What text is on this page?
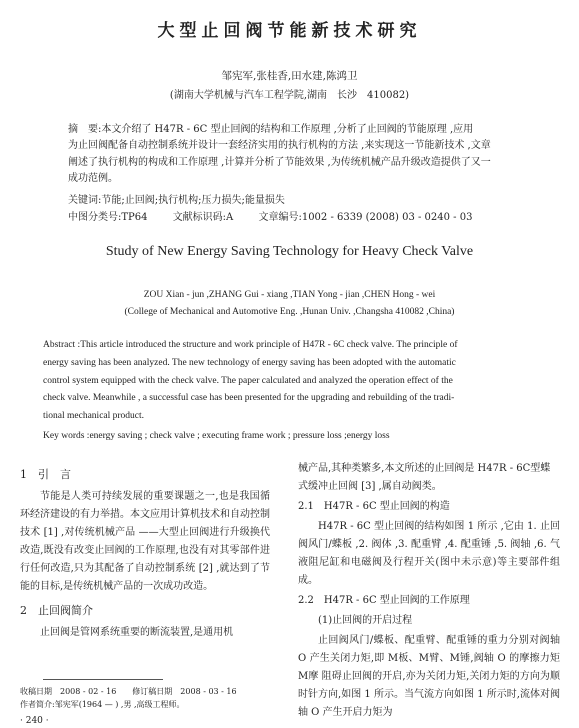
大型止回阀节能新技术研究
邹宪军,张桂香,田水建,陈鸿卫
(湖南大学机械与汽车工程学院,湖南　长沙　410082)

摘　要:本文介绍了 H47R - 6C 型止回阀的结构和工作原理 ,分析了止回阀的节能原理 ,应用

为止回阀配备自动控制系统并设计一套经济实用的执行机构的方法 ,来实现这一节能新技术 ,文章

阐述了执行机构的构成和工作原理 ,计算并分析了节能效果 ,为传统机械产品升级改造提供了又一

成功范例。

关键词:节能;止回阀;执行机构;压力损失;能量损失
中图分类号:TP64	文献标识码:A	文章编号:1002 - 6339 (2008) 03 - 0240 - 03
Study of New Energy Saving Technology for Heavy Check Valve
ZOU Xian - jun ,ZHANG Gui - xiang ,TIAN Yong - jian ,CHEN Hong - wei
(College of Mechanical and Automotive Eng. ,Hunan Univ. ,Changsha 410082 ,China)

Abstract :This article introduced the structure and work principle of H47R - 6C check valve. The principle of

energy saving has been analyzed. The new technology of energy saving has been adopted with the automatic

control system equipped with the check valve. The paper calculated and analyzed the operation effect of the

check valve. Meanwhile , a successful case has been presented for the upgrading and rebuilding of the tradi-

tional mechanical product.

Key words :energy saving ; check valve ; executing frame work ; pressure loss ;energy loss
1　引　言
节能是人类可持续发展的重要课题之一,也是我国循环经济建设的有力举措。本文应用计算机技术和自动控制技术 [1] ,对传统机械产品 ——大型止回阀进行升级换代改造,既没有改变止回阀的工作原理,也没有对其零部件进行任何改造,只为其配备了自动控制系统 [2] ,就达到了节能的目标,是传统机械产品的一次成功改造。
2　止回阀简介
止回阀是管网系统重要的断流装置,是通用机
械产品,其种类繁多,本文所述的止回阀是 H47R - 6C型蝶式缓冲止回阀 [3] ,属自动阀类。
2.1　H47R - 6C 型止回阀的构造
H47R - 6C 型止回阀的结构如图 1 所示 ,它由 1. 止回阀风门/蝶板 ,2. 阀体 ,3. 配重臂 ,4. 配重锤 ,5. 阀轴 ,6. 气液阻尼缸和电磁阀及行程开关(图中未示意)等主要部件组成。
2.2　H47R - 6C 型止回阀的工作原理
(1)止回阀的开启过程
止回阀风门/蝶板、配重臂、配重锤的重力分别对阀轴 O 产生关闭力矩,即 M板、M臂、M锤,阀轴 O 的摩擦力矩 M摩 阻碍止回阀的开启,亦为关闭力矩,关闭力矩的方向为顺时针方向,如图 1 所示。当气流方向如图 1 所示时,流体对阀轴 O 产生开启力矩为
收稿日期　2008 - 02 - 16　　修订稿日期　2008 - 03 - 16
作者简介:邹宪军(1964 — ) ,男 ,高级工程师。
· 240 ·
